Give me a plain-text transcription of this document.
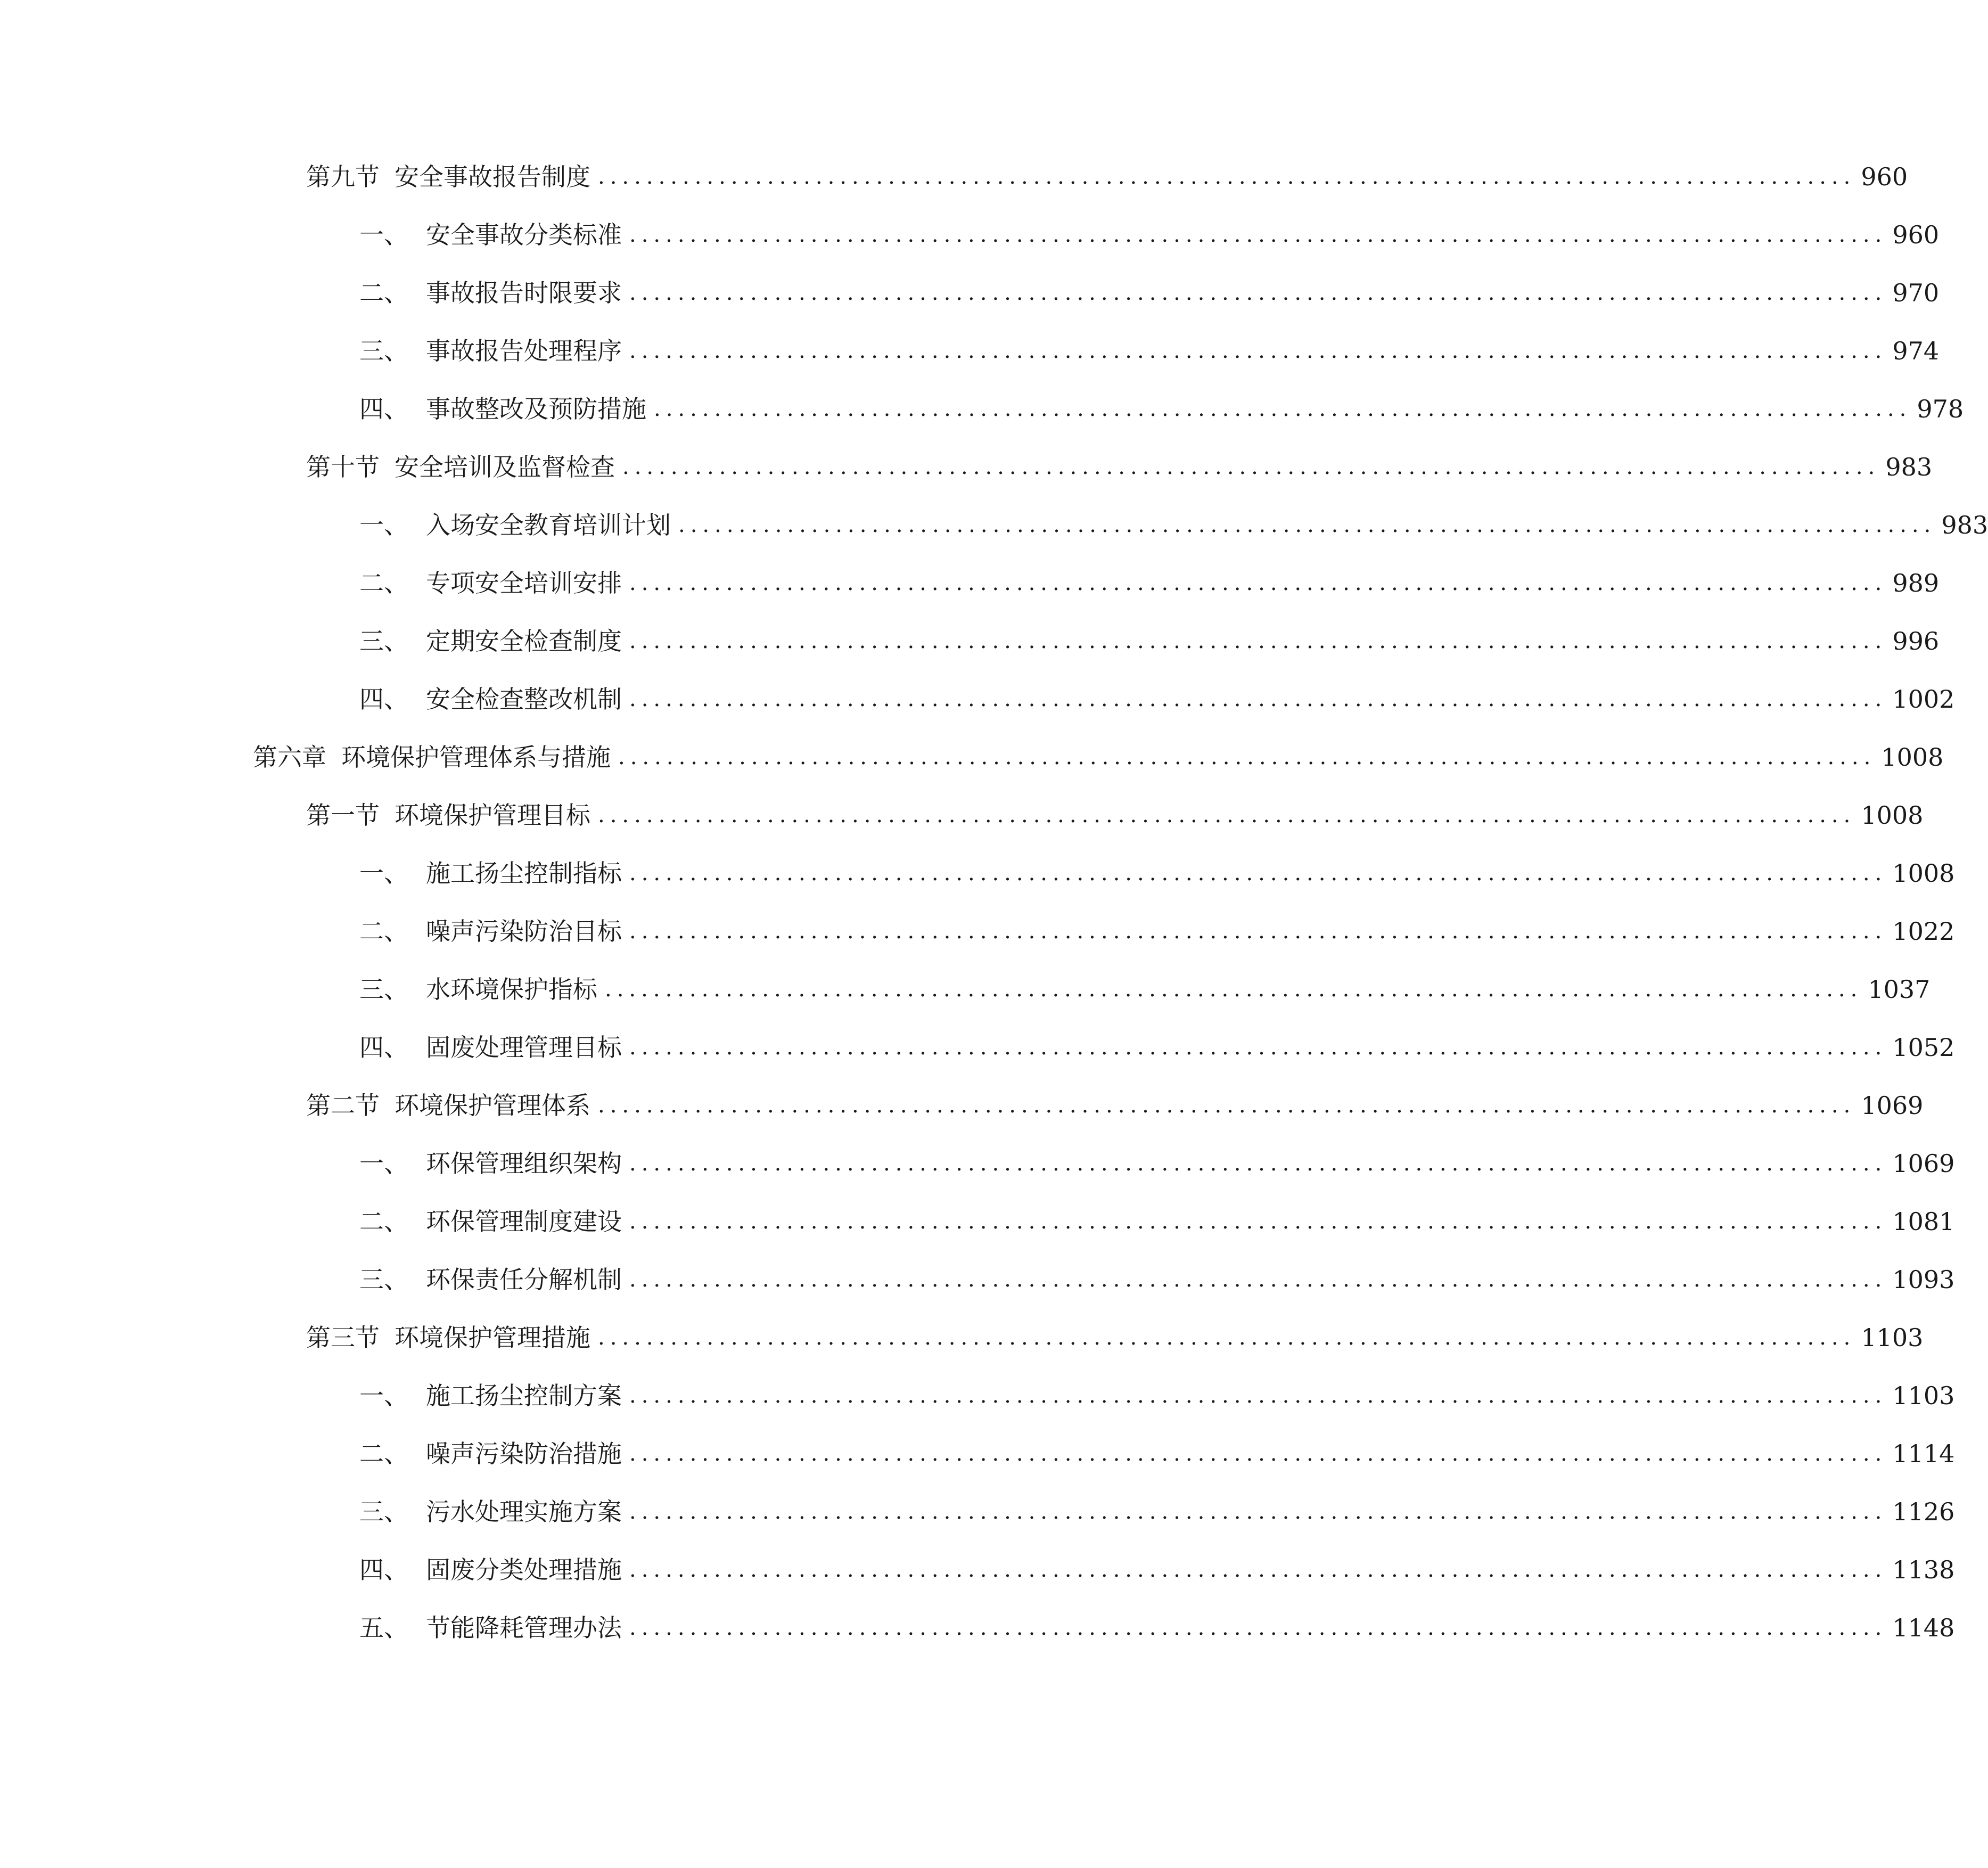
第九节 安全事故报告制度 ........................................................................................................ 960
一、 安全事故分类标准 ........................................................................................................ 960
二、 事故报告时限要求 ........................................................................................................ 970
三、 事故报告处理程序 ........................................................................................................ 974
四、 事故整改及预防措施 ........................................................................................................ 978
第十节 安全培训及监督检查 ........................................................................................................ 983
一、 入场安全教育培训计划 ........................................................................................................ 983
二、 专项安全培训安排 ........................................................................................................ 989
三、 定期安全检查制度 ........................................................................................................ 996
四、 安全检查整改机制 ........................................................................................................ 1002
第六章 环境保护管理体系与措施 ........................................................................................................ 1008
第一节 环境保护管理目标 ........................................................................................................ 1008
一、 施工扬尘控制指标 ........................................................................................................ 1008
二、 噪声污染防治目标 ........................................................................................................ 1022
三、 水环境保护指标 ........................................................................................................ 1037
四、 固废处理管理目标 ........................................................................................................ 1052
第二节 环境保护管理体系 ........................................................................................................ 1069
一、 环保管理组织架构 ........................................................................................................ 1069
二、 环保管理制度建设 ........................................................................................................ 1081
三、 环保责任分解机制 ........................................................................................................ 1093
第三节 环境保护管理措施 ........................................................................................................ 1103
一、 施工扬尘控制方案 ........................................................................................................ 1103
二、 噪声污染防治措施 ........................................................................................................ 1114
三、 污水处理实施方案 ........................................................................................................ 1126
四、 固废分类处理措施 ........................................................................................................ 1138
五、 节能降耗管理办法 ........................................................................................................ 1148
